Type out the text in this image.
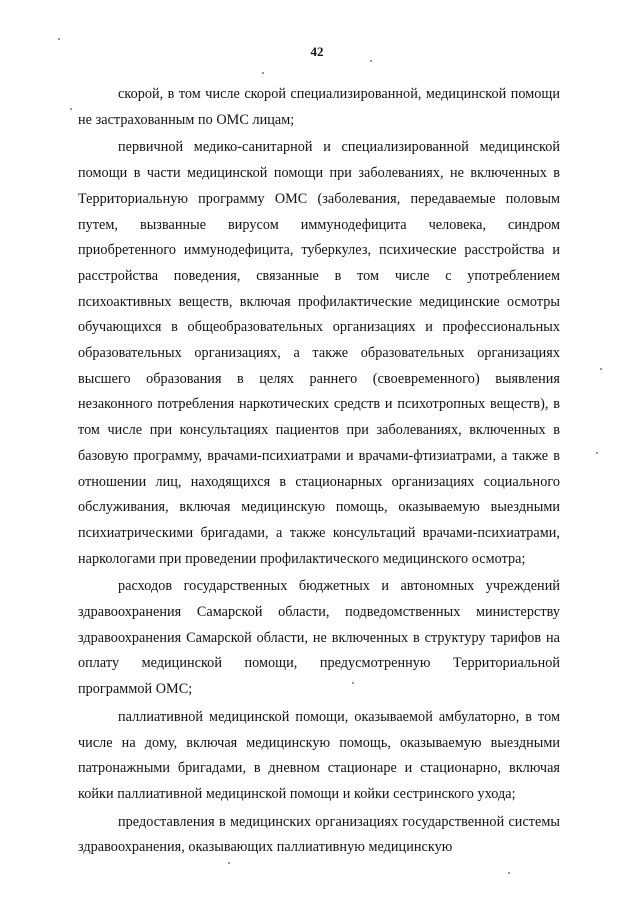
42

скорой, в том числе скорой специализированной, медицинской помощи не застрахованным по ОМС лицам;

первичной медико-санитарной и специализированной медицинской помощи в части медицинской помощи при заболеваниях, не включенных в Территориальную программу ОМС (заболевания, передаваемые половым путем, вызванные вирусом иммунодефицита человека, синдром приобретенного иммунодефицита, туберкулез, психические расстройства и расстройства поведения, связанные в том числе с употреблением психоактивных веществ, включая профилактические медицинские осмотры обучающихся в общеобразовательных организациях и профессиональных образовательных организациях, а также образовательных организациях высшего образования в целях раннего (своевременного) выявления незаконного потребления наркотических средств и психотропных веществ), в том числе при консультациях пациентов при заболеваниях, включенных в базовую программу, врачами-психиатрами и врачами-фтизиатрами, а также в отношении лиц, находящихся в стационарных организациях социального обслуживания, включая медицинскую помощь, оказываемую выездными психиатрическими бригадами, а также консультаций врачами-психиатрами, наркологами при проведении профилактического медицинского осмотра;

расходов государственных бюджетных и автономных учреждений здравоохранения Самарской области, подведомственных министерству здравоохранения Самарской области, не включенных в структуру тарифов на оплату медицинской помощи, предусмотренную Территориальной программой ОМС;

паллиативной медицинской помощи, оказываемой амбулаторно, в том числе на дому, включая медицинскую помощь, оказываемую выездными патронажными бригадами, в дневном стационаре и стационарно, включая койки паллиативной медицинской помощи и койки сестринского ухода;

предоставления в медицинских организациях государственной системы здравоохранения, оказывающих паллиативную медицинскую
